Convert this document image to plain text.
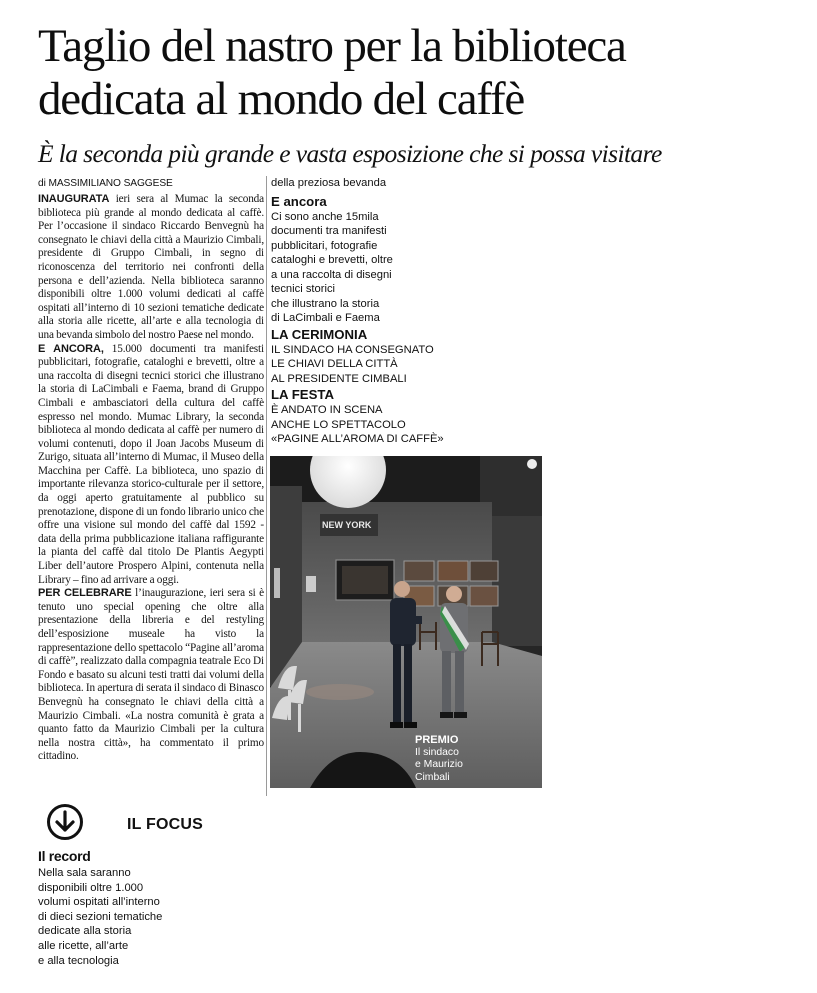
Taglio del nastro per la biblioteca
dedicata al mondo del caffè
È la seconda più grande e vasta esposizione che si possa visitare
di MASSIMILIANO SAGGESE

INAUGURATA ieri sera al Mumac la seconda biblioteca più grande al mondo dedicata al caffè. Per l’occasione il sindaco Riccardo Benvegnù ha consegnato le chiavi della città a Maurizio Cimbali, presidente di Gruppo Cimbali, in segno di riconoscenza del territorio nei confronti della persona e dell’azienda. Nella biblioteca saranno disponibili oltre 1.000 volumi dedicati al caffè ospitati all’interno di 10 sezioni tematiche dedicate alla storia alle ricette, all’arte e alla tecnologia di una bevanda simbolo del nostro Paese nel mondo.

E ANCORA, 15.000 documenti tra manifesti pubblicitari, fotografie, cataloghi e brevetti, oltre a una raccolta di disegni tecnici storici che illustrano la storia di LaCimbali e Faema, brand di Gruppo Cimbali e ambasciatori della cultura del caffè espresso nel mondo. Mumac Library, la seconda biblioteca al mondo dedicata al caffè per numero di volumi contenuti, dopo il Joan Jacobs Museum di Zurigo, situata all’interno di Mumac, il Museo della Macchina per Caffè. La biblioteca, uno spazio di importante rilevanza storico-culturale per il settore, da oggi aperto gratuitamente al pubblico su prenotazione, dispone di un fondo librario unico che offre una visione sul mondo del caffè dal 1592 - data della prima pubblicazione italiana raffigurante la pianta del caffè dal titolo De Plantis Aegypti Liber dell’autore Prospero Alpini, contenuta nella Library – fino ad arrivare a oggi.

PER CELEBRARE l’inaugurazione, ieri sera si è tenuto uno special opening che oltre alla presentazione della libreria e del restyling dell’esposizione museale ha visto la rappresentazione dello spettacolo “Pagine all’aroma di caffè”, realizzato dalla compagnia teatrale Eco Di Fondo e basato su alcuni testi tratti dai volumi della biblioteca. In apertura di serata il sindaco di Binasco Benvegnù ha consegnato le chiavi della città a Maurizio Cimbali. «La nostra comunità è grata a quanto fatto da Maurizio Cimbali per la cultura nella nostra città», ha commentato il primo cittadino.

della preziosa bevanda

E ancora

Ci sono anche 15mila

documenti tra manifesti

pubblicitari, fotografie

cataloghi e brevetti, oltre

a una raccolta di disegni

tecnici storici

che illustrano la storia

di LaCimbali e Faema

LA CERIMONIA

IL SINDACO HA CONSEGNATO

LE CHIAVI DELLA CITTÀ

AL PRESIDENTE CIMBALI

LA FESTA

È ANDATO IN SCENA

ANCHE LO SPETTACOLO

«PAGINE ALL’AROMA DI CAFFÈ»

NEW YORK
PREMIO
Il sindaco
e Maurizio
Cimbali
IL FOCUS
Il record
Nella sala saranno
disponibili oltre 1.000
volumi ospitati all’interno
di dieci sezioni tematiche
dedicate alla storia
alle ricette, all’arte
e alla tecnologia
